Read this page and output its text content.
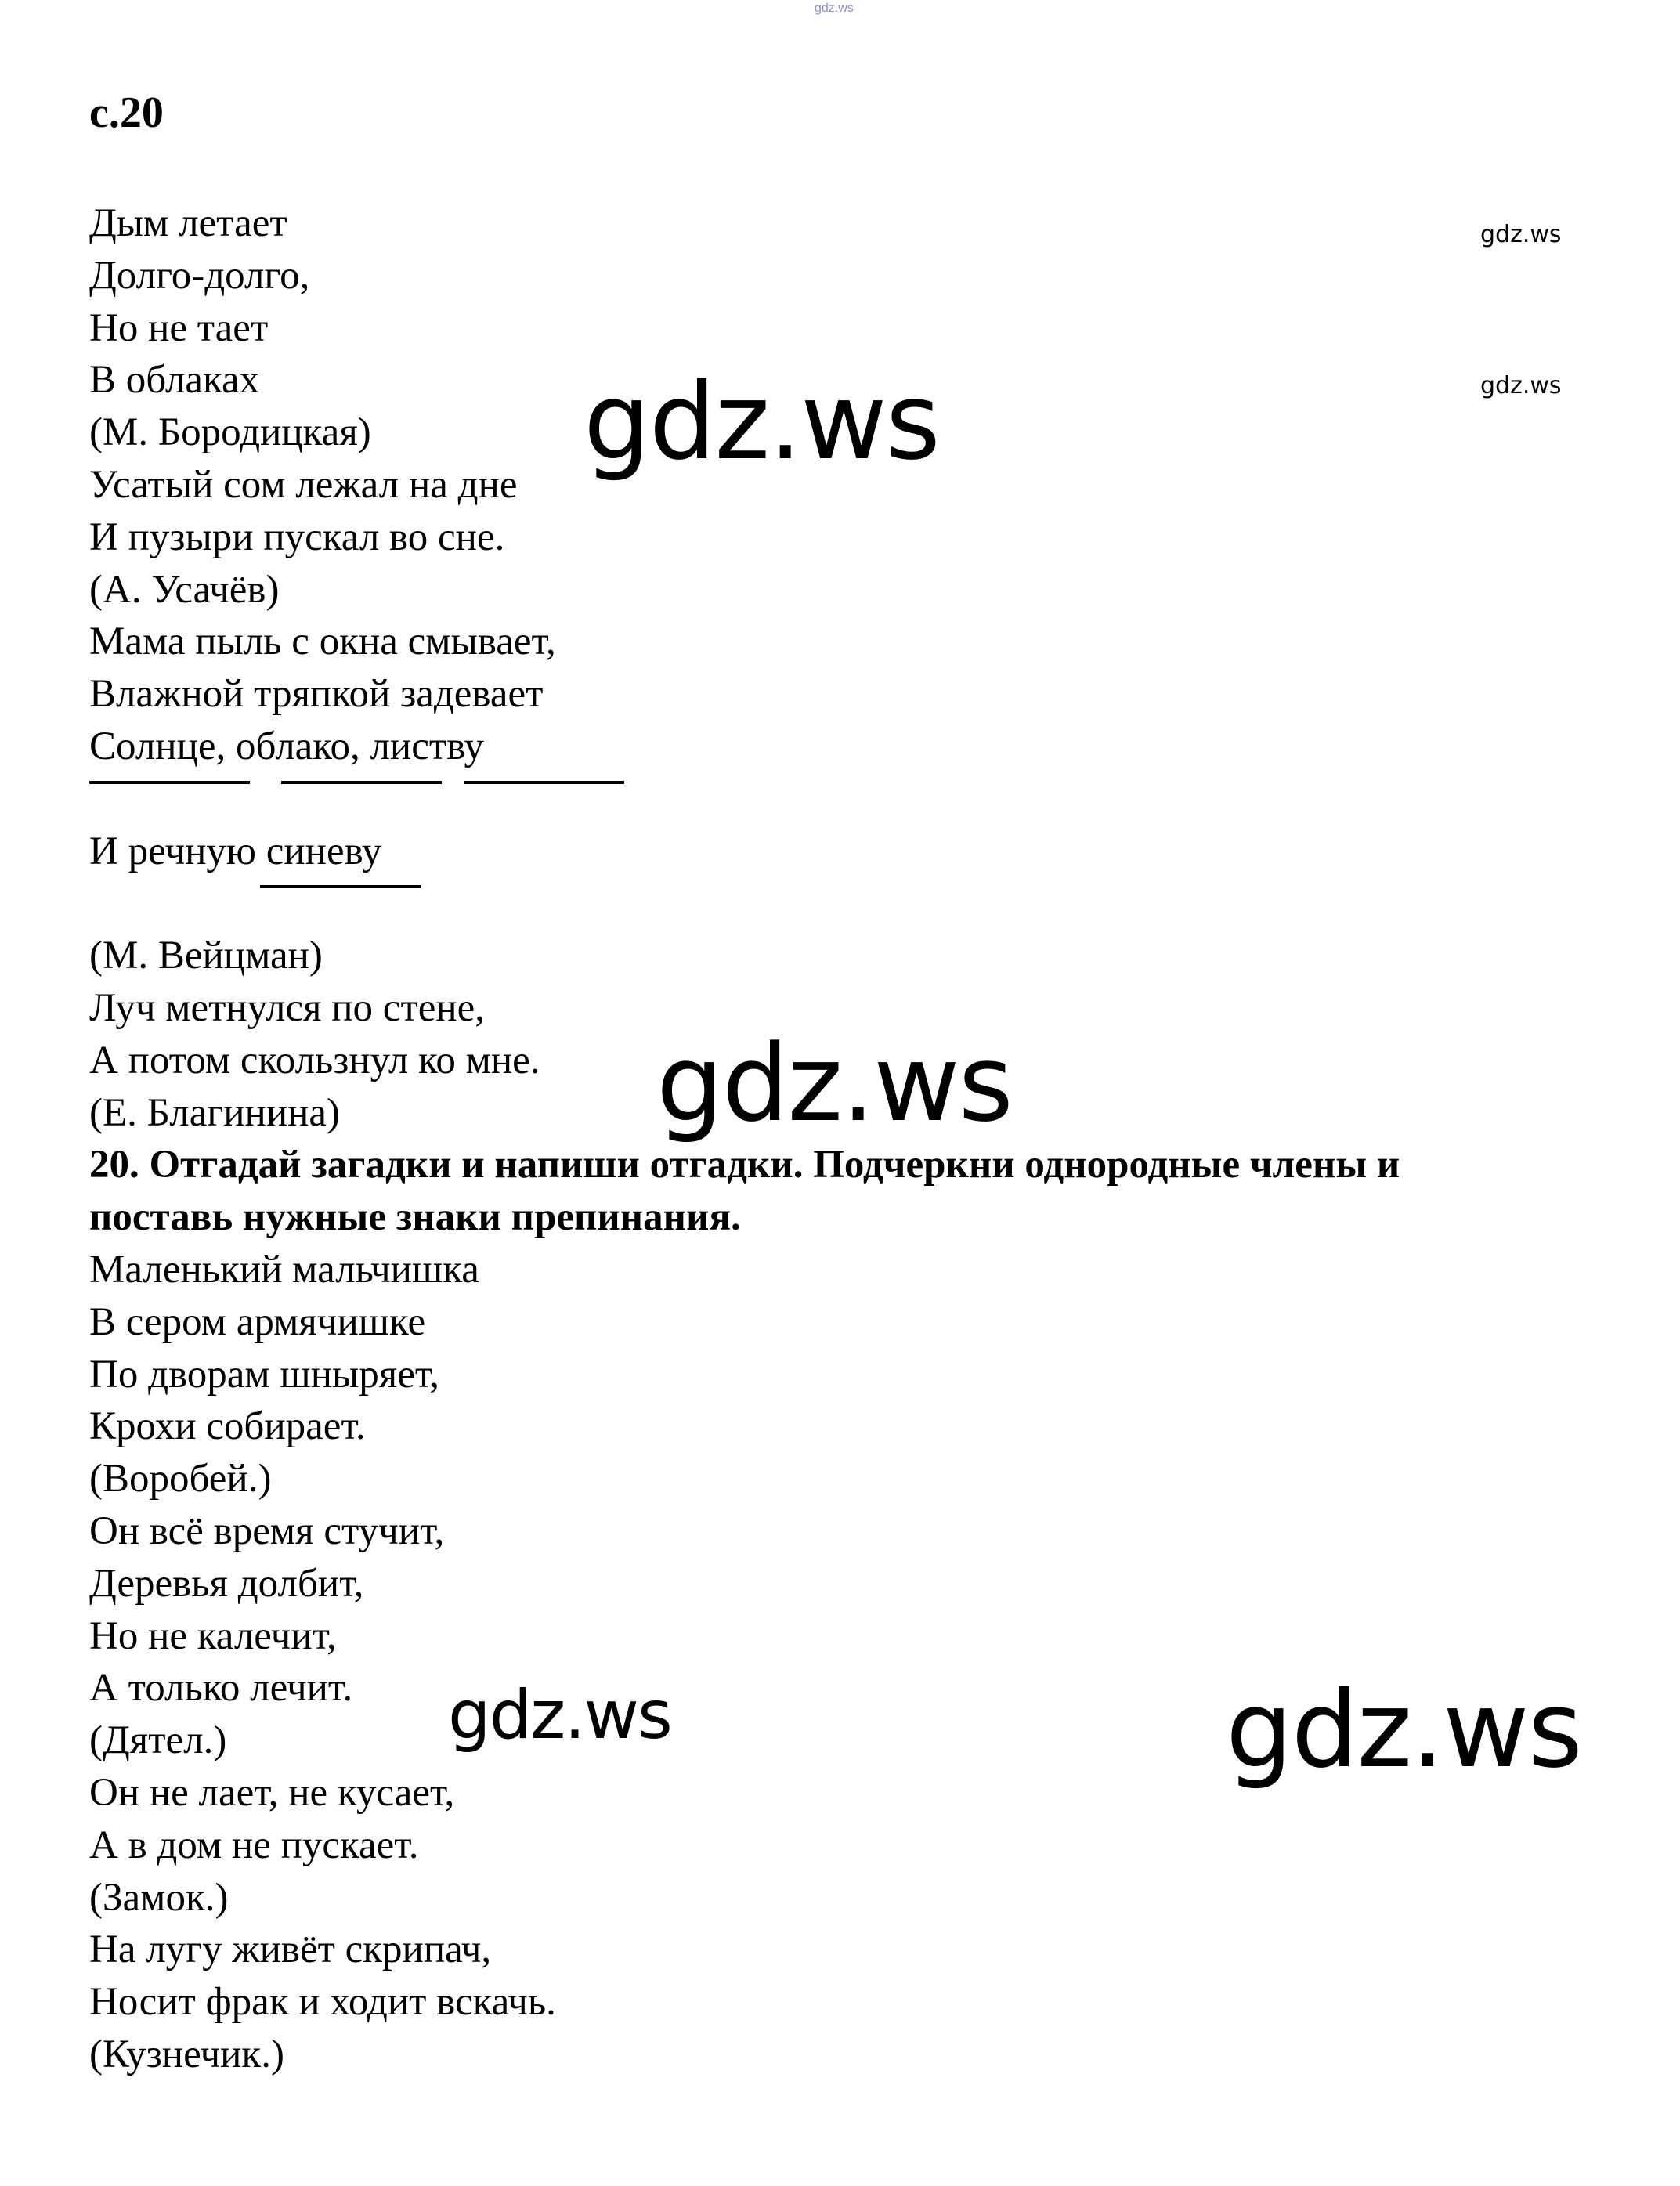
gdz.ws
с.20
Дым летает
Долго-долго,
Но не тает
В облаках
(М. Бородицкая)
Усатый сом лежал на дне
И пузыри пускал во сне.
(А. Усачёв)
Мама пыль с окна смывает,
Влажной тряпкой задевает
Солнце, облако, листву
И речную синеву
(М. Вейцман)
Луч метнулся по стене,
А потом скользнул ко мне.
(Е. Благинина)
20. Отгадай загадки и напиши отгадки. Подчеркни однородные члены и
поставь нужные знаки препинания.
Маленький мальчишка
В сером армячишке
По дворам шныряет,
Крохи собирает.
(Воробей.)
Он всё время стучит,
Деревья долбит,
Но не калечит,
А только лечит.
(Дятел.)
Он не лает, не кусает,
А в дом не пускает.
(Замок.)
На лугу живёт скрипач,
Носит фрак и ходит вскачь.
(Кузнечик.)
gdz.ws
gdz.ws
gdz.ws
gdz.ws
gdz.ws	gdz.ws
